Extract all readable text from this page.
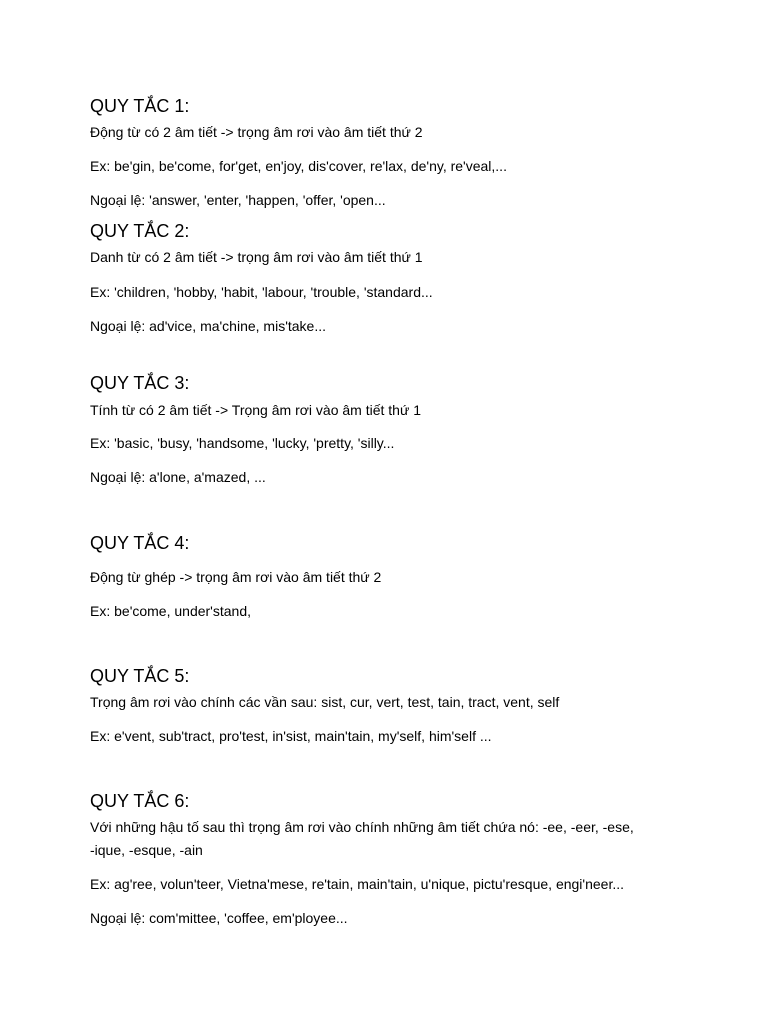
QUY TẮC 1:
Động từ có 2 âm tiết -> trọng âm rơi vào âm tiết thứ 2
Ex: be'gin, be'come, for'get, en'joy, dis'cover, re'lax, de'ny, re'veal,...
Ngoại lệ: 'answer, 'enter, 'happen, 'offer, 'open...
QUY TẮC 2:
Danh từ có 2 âm tiết -> trọng âm rơi vào âm tiết thứ 1
Ex: 'children, 'hobby, 'habit, 'labour, 'trouble, 'standard...
Ngoại lệ: ad'vice, ma'chine, mis'take...
QUY TẮC 3:
Tính từ có 2 âm tiết -> Trọng âm rơi vào âm tiết thứ 1
Ex: 'basic, 'busy, 'handsome, 'lucky, 'pretty, 'silly...
Ngoại lệ: a'lone, a'mazed, ...
QUY TẮC 4:
Động từ ghép -> trọng âm rơi vào âm tiết thứ 2
Ex: be'come, under'stand,
QUY TẮC 5:
Trọng âm rơi vào chính các vần sau: sist, cur, vert, test, tain, tract, vent, self
Ex: e'vent, sub'tract, pro'test, in'sist, main'tain, my'self, him'self ...
QUY TẮC 6:
Với những hậu tố sau thì trọng âm rơi vào chính những âm tiết chứa nó: -ee, -eer, -ese,
-ique, -esque, -ain
Ex: ag'ree, volun'teer, Vietna'mese, re'tain, main'tain, u'nique, pictu'resque, engi'neer...
Ngoại lệ: com'mittee, 'coffee, em'ployee...
